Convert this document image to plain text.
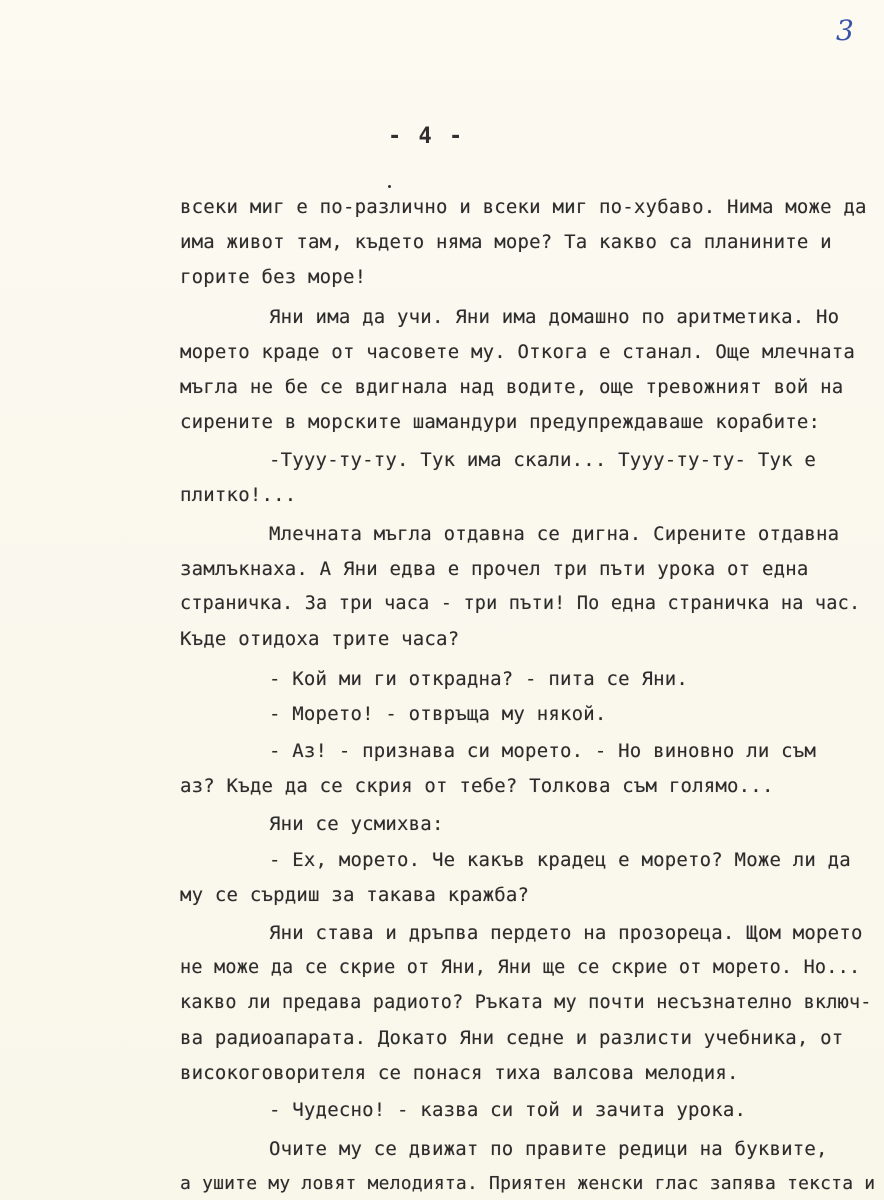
3
- 4 -
всеки миг е по-различно и всеки миг по-хубаво. Нима може да
има живот там, където няма море? Та какво са планините и
горите без море!
Яни има да учи. Яни има домашно по аритметика. Но
морето краде от часовете му. Откога е станал. Още млечната
мъгла не бе се вдигнала над водите, още тревожният вой на
сирените в морските шамандури предупреждаваше корабите:
-Тууу-ту-ту. Тук има скали... Тууу-ту-ту- Тук е
плитко!...
Млечната мъгла отдавна се дигна. Сирените отдавна
замлъкнаха. А Яни едва е прочел три пъти урока от една
страничка. За три часа - три пъти! По една страничка на час.
Къде отидоха трите часа?
- Кой ми ги открадна? - пита се Яни.
- Морето! - отвръща му някой.
- Аз! - признава си морето. - Но виновно ли съм
аз? Къде да се скрия от тебе? Толкова съм голямо...
Яни се усмихва:
- Ех, морето. Че какъв крадец е морето? Може ли да
му се сърдиш за такава кражба?
Яни става и дръпва пердето на прозореца. Щом морето
не може да се скрие от Яни, Яни ще се скрие от морето. Но...
какво ли предава радиото? Ръката му почти несъзнателно включ-
ва радиоапарата. Докато Яни седне и разлисти учебника, от
високоговорителя се понася тиха валсова мелодия.
- Чудесно! - казва си той и зачита урока.
Очите му се движат по правите редици на буквите,
а ушите му ловят мелодията. Приятен женски глас запява текста и
